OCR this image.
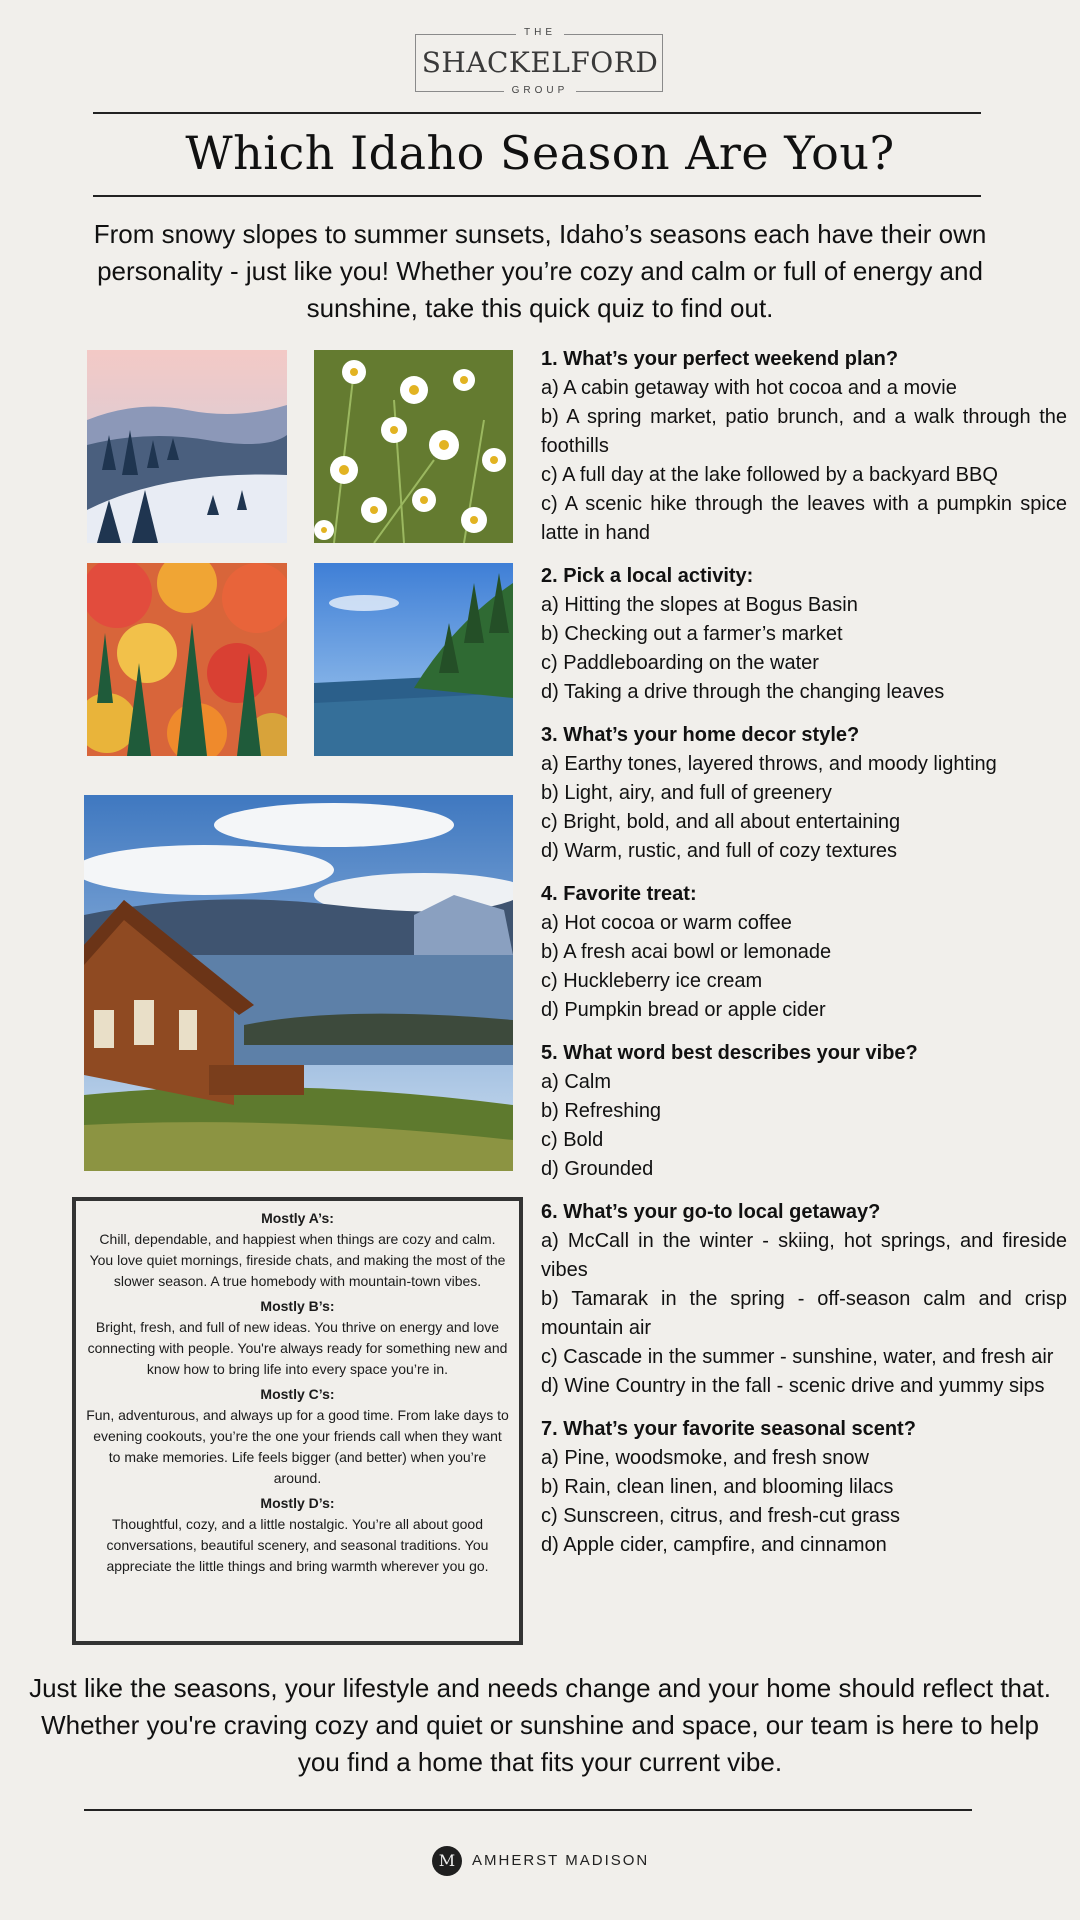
THE
SHACKELFORD
GROUP
Which Idaho Season Are You?

From snowy slopes to summer sunsets, Idaho’s seasons each have their own personality - just like you! Whether you’re cozy and calm or full of energy and sunshine, take this quick quiz to find out.

1. What’s your perfect weekend plan?
a) A cabin getaway with hot cocoa and a movie
b) A spring market, patio brunch, and a walk through the foothills
c) A full day at the lake followed by a backyard BBQ
c) A scenic hike through the leaves with a pumpkin spice latte in hand
2. Pick a local activity:
a) Hitting the slopes at Bogus Basin
b) Checking out a farmer’s market
c) Paddleboarding on the water
d) Taking a drive through the changing leaves
3. What’s your home decor style?
a) Earthy tones, layered throws, and moody lighting
b) Light, airy, and full of greenery
c) Bright, bold, and all about entertaining
d) Warm, rustic, and full of cozy textures
4. Favorite treat:
a) Hot cocoa or warm coffee
b) A fresh acai bowl or lemonade
c) Huckleberry ice cream
d) Pumpkin bread or apple cider
5. What word best describes your vibe?
a) Calm
b) Refreshing
c) Bold
d) Grounded
6. What’s your go-to local getaway?
a) McCall in the winter - skiing, hot springs, and fireside vibes
b) Tamarak in the spring - off-season calm and crisp mountain air
c) Cascade in the summer - sunshine, water, and fresh air
d) Wine Country in the fall - scenic drive and yummy sips
7. What’s your favorite seasonal scent?
a) Pine, woodsmoke, and fresh snow
b) Rain, clean linen, and blooming lilacs
c) Sunscreen, citrus, and fresh-cut grass
d) Apple cider, campfire, and cinnamon
Mostly A’s:
Chill, dependable, and happiest when things are cozy and calm. You love quiet mornings, fireside chats, and making the most of the slower season. A true homebody with mountain-town vibes.
Mostly B’s:
Bright, fresh, and full of new ideas. You thrive on energy and love connecting with people. You're always ready for something new and know how to bring life into every space you’re in.
Mostly C’s:
Fun, adventurous, and always up for a good time. From lake days to evening cookouts, you’re the one your friends call when they want to make memories. Life feels bigger (and better) when you’re around.
Mostly D’s:
Thoughtful, cozy, and a little nostalgic. You’re all about good conversations, beautiful scenery, and seasonal traditions. You appreciate the little things and bring warmth wherever you go.

Just like the seasons, your lifestyle and needs change and your home should reflect that. Whether you're craving cozy and quiet or sunshine and space, our team is here to help you find a home that fits your current vibe.

M	AMHERST MADISON
